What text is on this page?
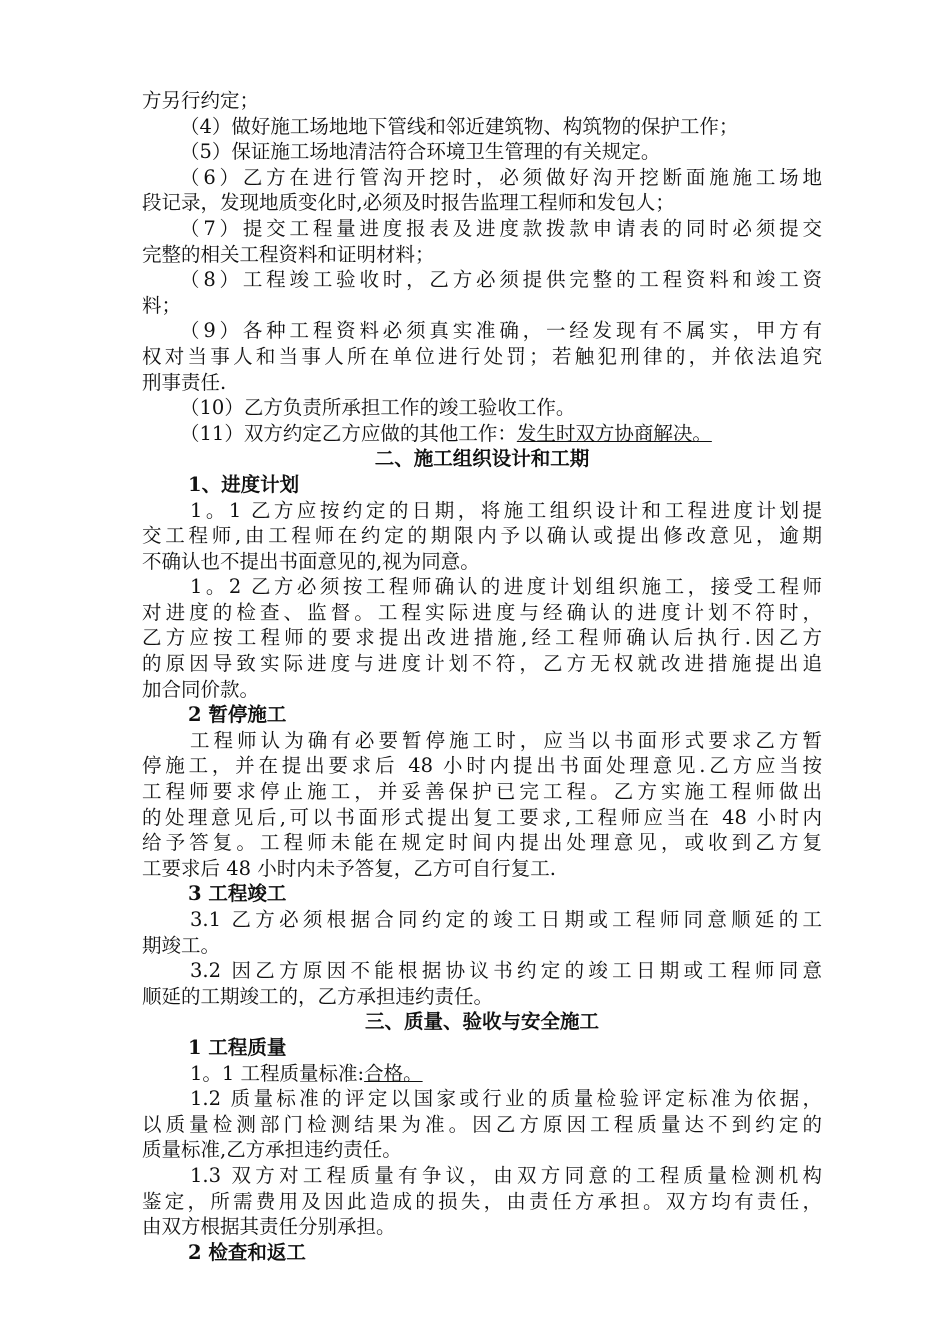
方另行约定；
（4）做好施工场地地下管线和邻近建筑物、构筑物的保护工作；
（5）保证施工场地清洁符合环境卫生管理的有关规定。
（6）乙方在进行管沟开挖时，必须做好沟开挖断面施施工场地
段记录，发现地质变化时,必须及时报告监理工程师和发包人；
（7）提交工程量进度报表及进度款拨款申请表的同时必须提交
完整的相关工程资料和证明材料；
（8）工程竣工验收时，乙方必须提供完整的工程资料和竣工资
料；
（9）各种工程资料必须真实准确，一经发现有不属实，甲方有
权对当事人和当事人所在单位进行处罚；若触犯刑律的，并依法追究
刑事责任.
（10）乙方负责所承担工作的竣工验收工作。
（11）双方约定乙方应做的其他工作：发生时双方协商解决。
二、施工组织设计和工期
1、进度计划
1。1 乙方应按约定的日期，将施工组织设计和工程进度计划提
交工程师,由工程师在约定的期限内予以确认或提出修改意见，逾期
不确认也不提出书面意见的,视为同意。
1。2 乙方必须按工程师确认的进度计划组织施工，接受工程师
对进度的检查、监督。工程实际进度与经确认的进度计划不符时，
乙方应按工程师的要求提出改进措施,经工程师确认后执行.因乙方
的原因导致实际进度与进度计划不符，乙方无权就改进措施提出追
加合同价款。
2 暂停施工
工程师认为确有必要暂停施工时，应当以书面形式要求乙方暂
停施工，并在提出要求后 48 小时内提出书面处理意见.乙方应当按
工程师要求停止施工，并妥善保护已完工程。乙方实施工程师做出
的处理意见后,可以书面形式提出复工要求,工程师应当在 48 小时内
给予答复。工程师未能在规定时间内提出处理意见，或收到乙方复
工要求后 48 小时内未予答复，乙方可自行复工.
3 工程竣工
3.1 乙方必须根据合同约定的竣工日期或工程师同意顺延的工
期竣工。
3.2 因乙方原因不能根据协议书约定的竣工日期或工程师同意
顺延的工期竣工的，乙方承担违约责任。
三、质量、验收与安全施工
1 工程质量
1。1 工程质量标准:合格。
1.2 质量标准的评定以国家或行业的质量检验评定标准为依据，
以质量检测部门检测结果为准。因乙方原因工程质量达不到约定的
质量标准,乙方承担违约责任。
1.3 双方对工程质量有争议，由双方同意的工程质量检测机构
鉴定，所需费用及因此造成的损失，由责任方承担。双方均有责任，
由双方根据其责任分别承担。
2 检查和返工
